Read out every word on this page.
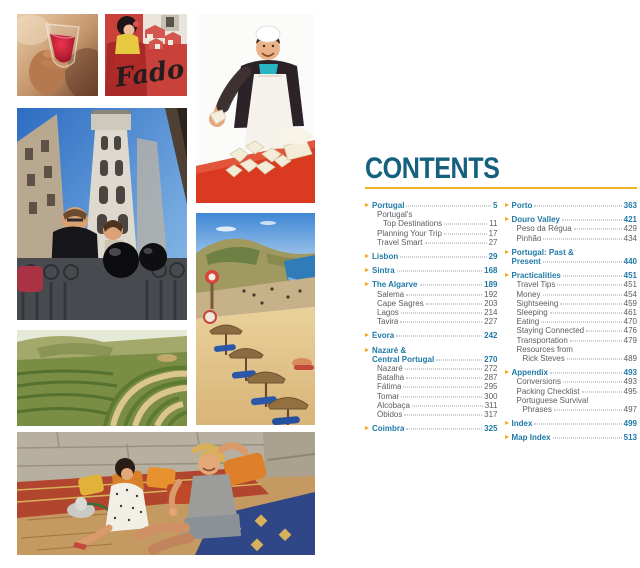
Fado
CONTENTS
Portugal	5
Portugal's
Top Destinations	11
Planning Your Trip	17
Travel Smart	27
Lisbon	29
Sintra	168
The Algarve	189
Salema	192
Cape Sagres	203
Lagos	214
Tavira	227
Évora	242
Nazaré &
Central Portugal	270
Nazaré	272
Batalha	287
Fátima	295
Tomar	300
Alcobaça	311
Óbidos	317
Coimbra	325
Porto	363
Douro Valley	421
Peso da Régua	429
Pinhão	434
Portugal: Past &
Present	440
Practicalities	451
Travel Tips	451
Money	454
Sightseeing	459
Sleeping	461
Eating	470
Staying Connected	476
Transportation	479
Resources from
Rick Steves	489
Appendix	493
Conversions	493
Packing Checklist	495
Portuguese Survival
Phrases	497
Index	499
Map Index	513
